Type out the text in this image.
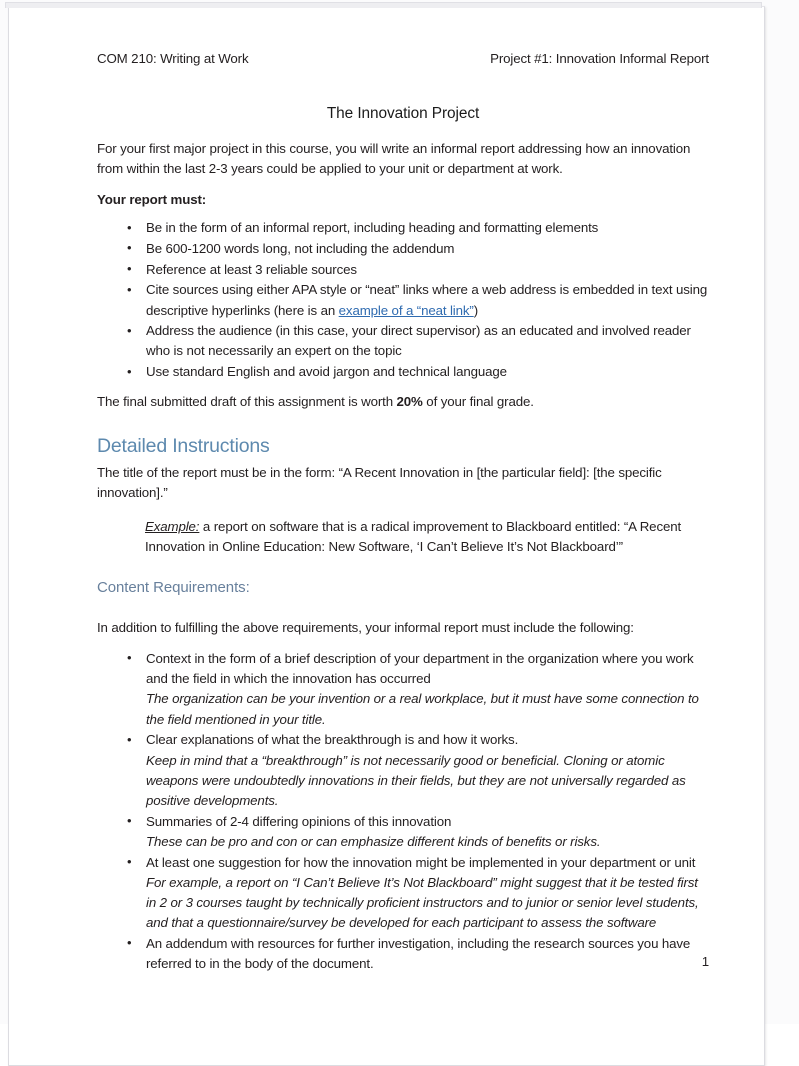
COM 210: Writing at Work	Project #1: Innovation Informal Report
The Innovation Project

For your first major project in this course, you will write an informal report addressing how an innovation from within the last 2-3 years could be applied to your unit or department at work.

Your report must:

• Be in the form of an informal report, including heading and formatting elements
• Be 600-1200 words long, not including the addendum
• Reference at least 3 reliable sources
• Cite sources using either APA style or “neat” links where a web address is embedded in text using descriptive hyperlinks (here is an example of a “neat link”)
• Address the audience (in this case, your direct supervisor) as an educated and involved reader who is not necessarily an expert on the topic
• Use standard English and avoid jargon and technical language

The final submitted draft of this assignment is worth 20% of your final grade.

Detailed Instructions

The title of the report must be in the form: “A Recent Innovation in [the particular field]: [the specific innovation].”

Example: a report on software that is a radical improvement to Blackboard entitled: “A Recent Innovation in Online Education: New Software, ‘I Can’t Believe It’s Not Blackboard’”
Content Requirements:

In addition to fulfilling the above requirements, your informal report must include the following:

• Context in the form of a brief description of your department in the organization where you work and the field in which the innovation has occurred
The organization can be your invention or a real workplace, but it must have some connection to the field mentioned in your title.
• Clear explanations of what the breakthrough is and how it works.
Keep in mind that a “breakthrough” is not necessarily good or beneficial. Cloning or atomic weapons were undoubtedly innovations in their fields, but they are not universally regarded as positive developments.
• Summaries of 2-4 differing opinions of this innovation
These can be pro and con or can emphasize different kinds of benefits or risks.
• At least one suggestion for how the innovation might be implemented in your department or unit
For example, a report on “I Can’t Believe It’s Not Blackboard” might suggest that it be tested first in 2 or 3 courses taught by technically proficient instructors and to junior or senior level students, and that a questionnaire/survey be developed for each participant to assess the software
• An addendum with resources for further investigation, including the research sources you have referred to in the body of the document.	1
